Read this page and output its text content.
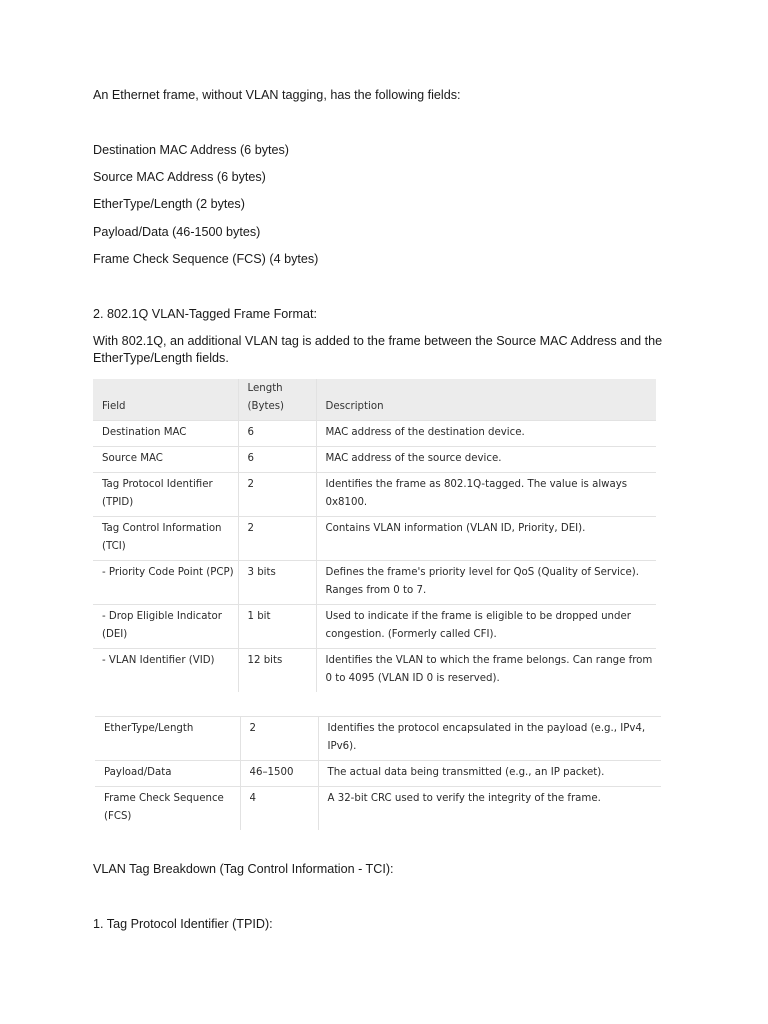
An Ethernet frame, without VLAN tagging, has the following fields:
Destination MAC Address (6 bytes)
Source MAC Address (6 bytes)
EtherType/Length (2 bytes)
Payload/Data (46-1500 bytes)
Frame Check Sequence (FCS) (4 bytes)
2. 802.1Q VLAN-Tagged Frame Format:
With 802.1Q, an additional VLAN tag is added to the frame between the Source MAC Address and the EtherType/Length fields.
VLAN Tag Breakdown (Tag Control Information - TCI):
1. Tag Protocol Identifier (TPID):
Field	Length (Bytes)	Description
Destination MAC	6	MAC address of the destination device.
Source MAC	6	MAC address of the source device.
Tag Protocol Identifier (TPID)	2	Identifies the frame as 802.1Q-tagged. The value is always 0x8100.
Tag Control Information (TCI)	2	Contains VLAN information (VLAN ID, Priority, DEI).
- Priority Code Point (PCP)	3 bits	Defines the frame's priority level for QoS (Quality of Service). Ranges from 0 to 7.
- Drop Eligible Indicator (DEI)	1 bit	Used to indicate if the frame is eligible to be dropped under congestion. (Formerly called CFI).
- VLAN Identifier (VID)	12 bits	Identifies the VLAN to which the frame belongs. Can range from 0 to 4095 (VLAN ID 0 is reserved).
EtherType/Length	2	Identifies the protocol encapsulated in the payload (e.g., IPv4, IPv6).
Payload/Data	46–1500	The actual data being transmitted (e.g., an IP packet).
Frame Check Sequence (FCS)	4	A 32-bit CRC used to verify the integrity of the frame.
